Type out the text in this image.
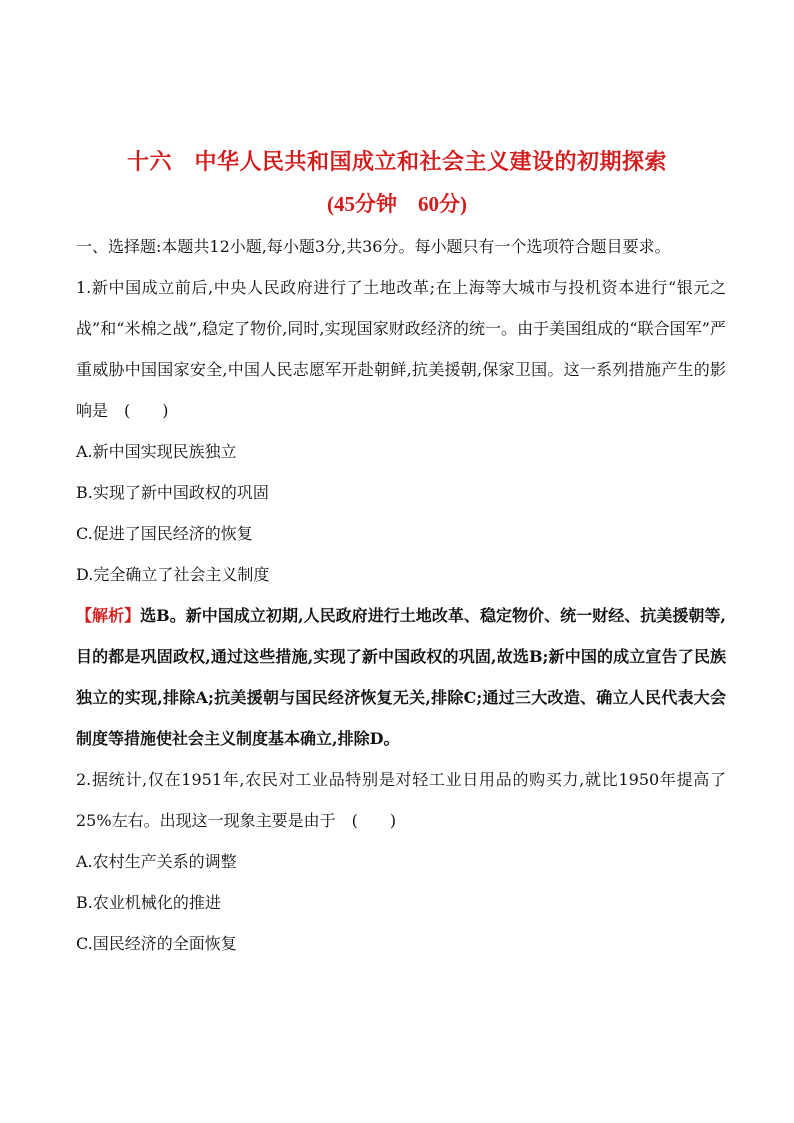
十六　中华人民共和国成立和社会主义建设的初期探索
(45分钟　60分)

一、选择题:本题共12小题,每小题3分,共36分。每小题只有一个选项符合题目要求。

1.新中国成立前后,中央人民政府进行了土地改革;在上海等大城市与投机资本进行“银元之战”和“米棉之战”,稳定了物价,同时,实现国家财政经济的统一。由于美国组成的“联合国军”严重威胁中国国家安全,中国人民志愿军开赴朝鲜,抗美援朝,保家卫国。这一系列措施产生的影响是　 (　　)

A.新中国实现民族独立

B.实现了新中国政权的巩固

C.促进了国民经济的恢复

D.完全确立了社会主义制度

【解析】选B。新中国成立初期,人民政府进行土地改革、稳定物价、统一财经、抗美援朝等,目的都是巩固政权,通过这些措施,实现了新中国政权的巩固,故选B;新中国的成立宣告了民族独立的实现,排除A;抗美援朝与国民经济恢复无关,排除C;通过三大改造、确立人民代表大会制度等措施使社会主义制度基本确立,排除D。

2.据统计,仅在1951年,农民对工业品特别是对轻工业日用品的购买力,就比1950年提高了25%左右。出现这一现象主要是由于　 (　　)

A.农村生产关系的调整

B.农业机械化的推进

C.国民经济的全面恢复
